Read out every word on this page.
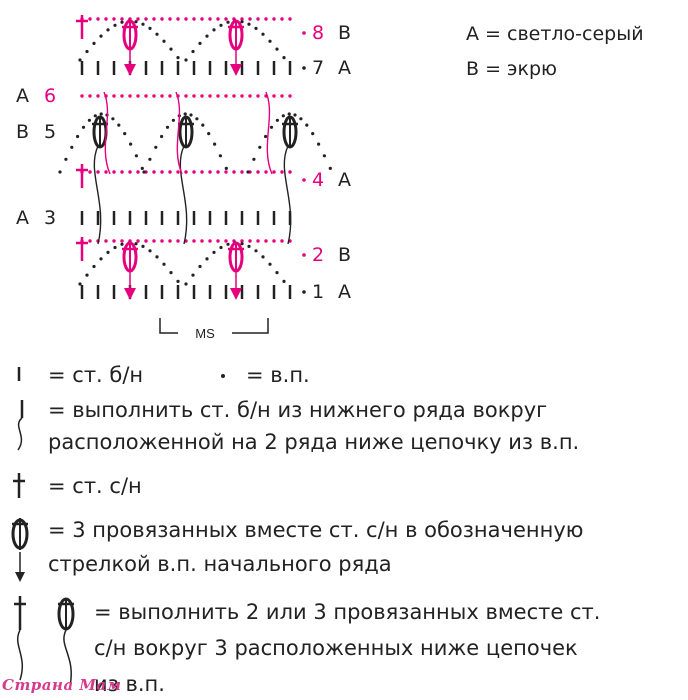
MS
B
8
A
7
A 6
B 5
A
4
A 3
B
2
A
1
A = светло-серый
B = экрю
= ст. б/н	= в.п.
= выполнить ст. б/н из нижнего ряда вокруг
расположенной на 2 ряда ниже цепочку из в.п.
= ст. с/н
= 3 провязанных вместе ст. с/н в обозначенную
стрелкой в.п. начального ряда
= выполнить 2 или 3 провязанных вместе ст.
с/н вокруг 3 расположенных ниже цепочек
из в.п.
Страна Мам
